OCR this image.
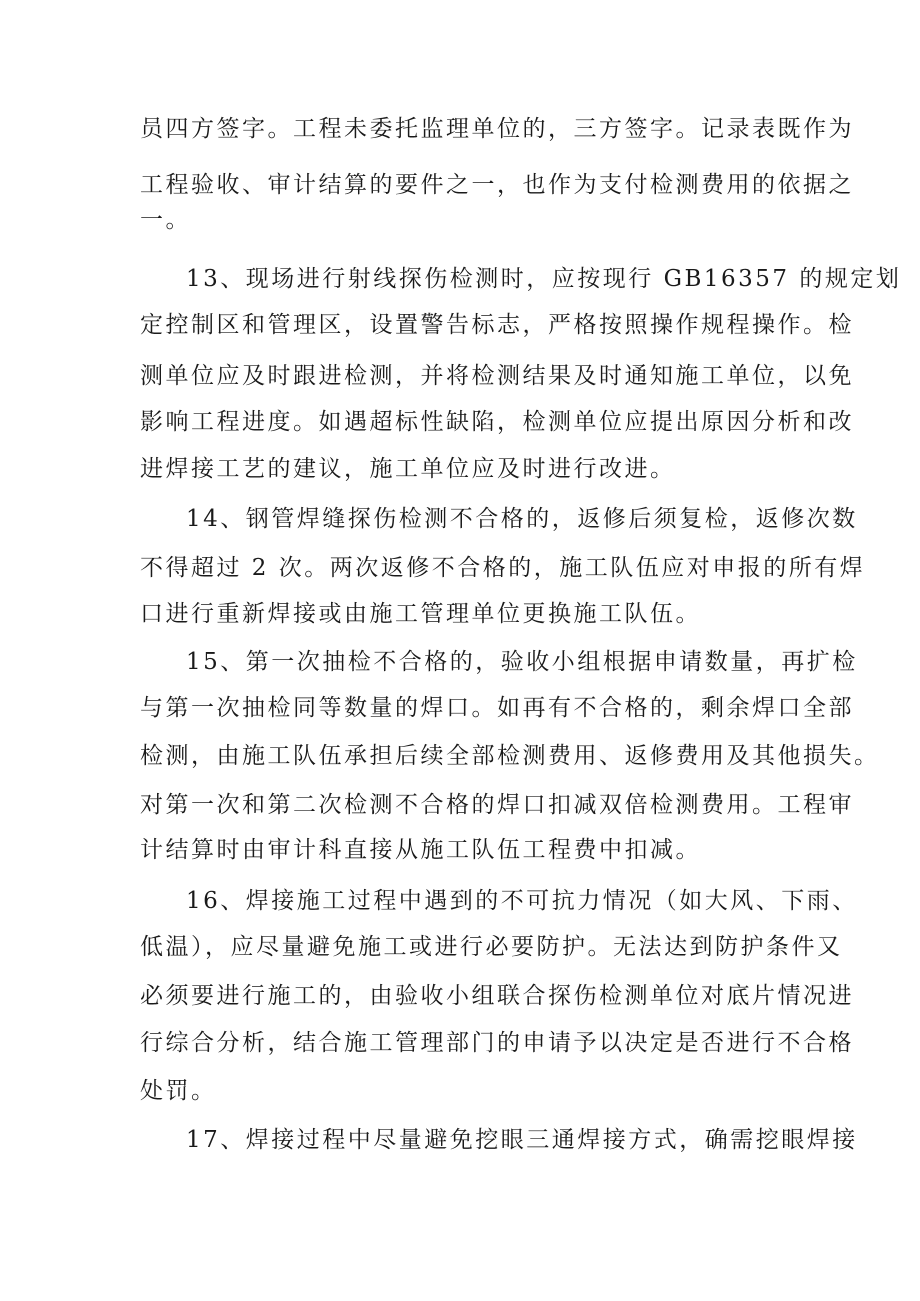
员四方签字。工程未委托监理单位的，三方签字。记录表既作为
工程验收、审计结算的要件之一，也作为支付检测费用的依据之
一。
13、现场进行射线探伤检测时，应按现行 GB16357 的规定划
定控制区和管理区，设置警告标志，严格按照操作规程操作。检
测单位应及时跟进检测，并将检测结果及时通知施工单位，以免
影响工程进度。如遇超标性缺陷，检测单位应提出原因分析和改
进焊接工艺的建议，施工单位应及时进行改进。
14、钢管焊缝探伤检测不合格的，返修后须复检，返修次数
不得超过 2 次。两次返修不合格的，施工队伍应对申报的所有焊
口进行重新焊接或由施工管理单位更换施工队伍。
15、第一次抽检不合格的，验收小组根据申请数量，再扩检
与第一次抽检同等数量的焊口。如再有不合格的，剩余焊口全部
检测，由施工队伍承担后续全部检测费用、返修费用及其他损失。
对第一次和第二次检测不合格的焊口扣减双倍检测费用。工程审
计结算时由审计科直接从施工队伍工程费中扣减。
16、焊接施工过程中遇到的不可抗力情况（如大风、下雨、
低温），应尽量避免施工或进行必要防护。无法达到防护条件又
必须要进行施工的，由验收小组联合探伤检测单位对底片情况进
行综合分析，结合施工管理部门的申请予以决定是否进行不合格
处罚。
17、焊接过程中尽量避免挖眼三通焊接方式，确需挖眼焊接
